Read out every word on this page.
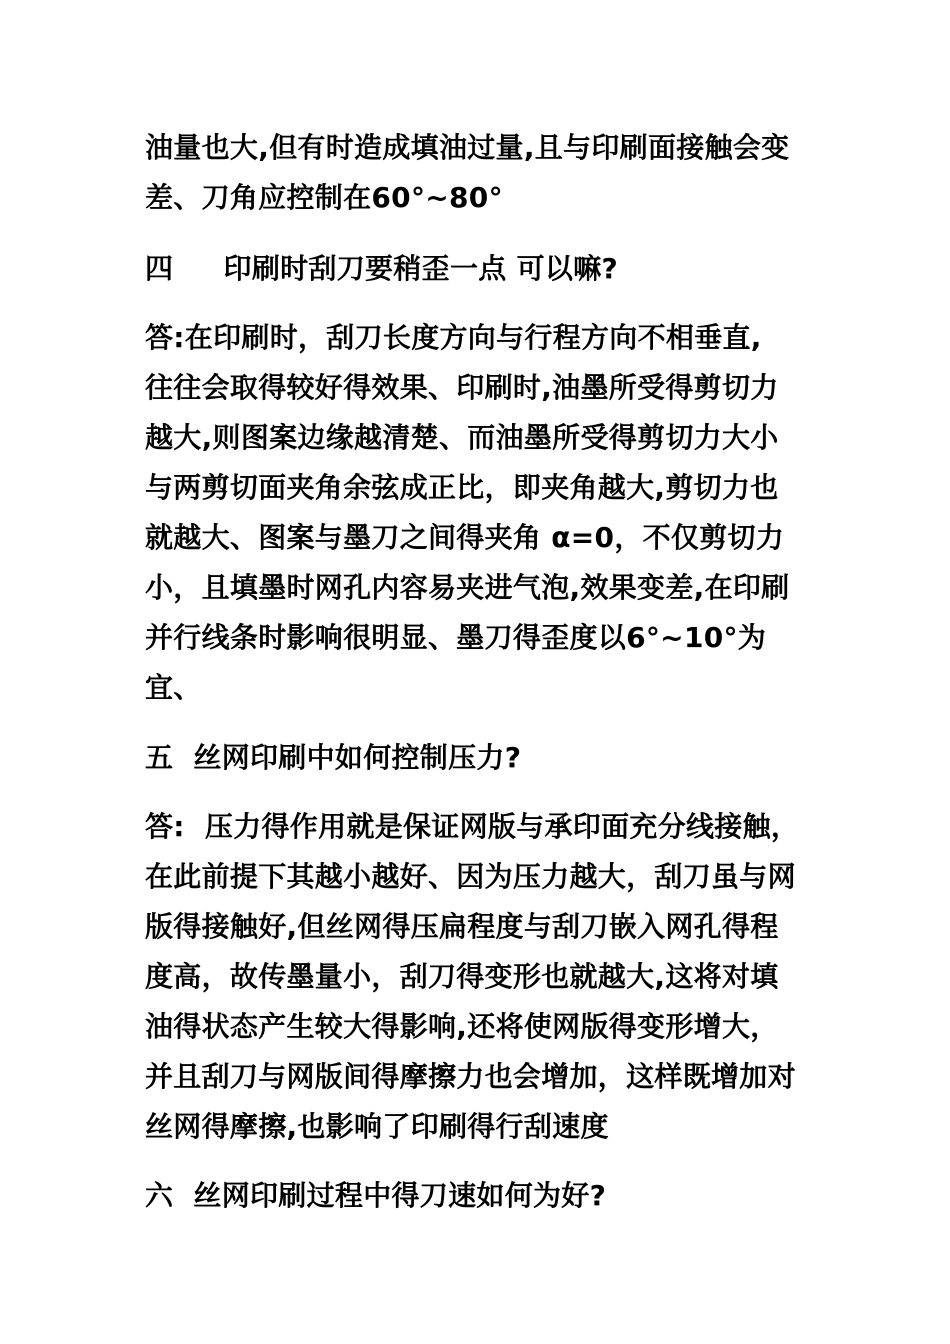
油量也大,但有时造成填油过量,且与印刷面接触会变
差、刀角应控制在60°~80°
四     印刷时刮刀要稍歪一点 可以嘛?
答:在印刷时，刮刀长度方向与行程方向不相垂直,
往往会取得较好得效果、印刷时,油墨所受得剪切力
越大,则图案边缘越清楚、而油墨所受得剪切力大小
与两剪切面夹角余弦成正比，即夹角越大,剪切力也
就越大、图案与墨刀之间得夹角 α=0，不仅剪切力
小，且填墨时网孔内容易夹进气泡,效果变差,在印刷
并行线条时影响很明显、墨刀得歪度以6°~10°为
宜、
五  丝网印刷中如何控制压力?
答:  压力得作用就是保证网版与承印面充分线接触，
在此前提下其越小越好、因为压力越大，刮刀虽与网
版得接触好,但丝网得压扁程度与刮刀嵌入网孔得程
度高，故传墨量小，刮刀得变形也就越大,这将对填
油得状态产生较大得影响,还将使网版得变形增大，
并且刮刀与网版间得摩擦力也会增加，这样既增加对
丝网得摩擦,也影响了印刷得行刮速度
六  丝网印刷过程中得刀速如何为好?
